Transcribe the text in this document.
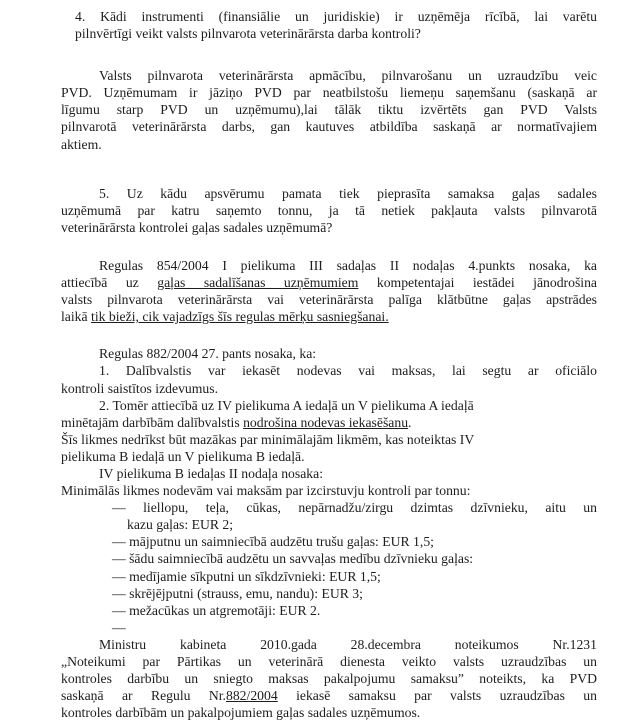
4. Kādi instrumenti (finansiālie un juridiskie) ir uzņēmēja rīcībā, lai varētu
pilnvērtīgi veikt valsts pilnvarota veterinārārsta darba kontroli?
Valsts pilnvarota veterinārārsta apmācību, pilnvarošanu un uzraudzību veic
PVD. Uzņēmumam ir jāziņo PVD par neatbilstošu liemeņu saņemšanu (saskaņā ar
līgumu starp PVD un uzņēmumu),lai tālāk tiktu izvērtēts gan PVD Valsts
pilnvarotā veterinārārsta darbs, gan kautuves atbildība saskaņā ar normatīvajiem
aktiem.
5. Uz kādu apsvērumu pamata tiek pieprasīta samaksa gaļas sadales
uzņēmumā par katru saņemto tonnu, ja tā netiek pakļauta valsts pilnvarotā
veterinārārsta kontrolei gaļas sadales uzņēmumā?
Regulas 854/2004 I pielikuma III sadaļas II nodaļas 4.punkts nosaka, ka
attiecībā uz gaļas sadalīšanas uzņēmumiem kompetentajai iestādei jānodrošina
valsts pilnvarota veterinārārsta vai veterinārārsta palīga klātbūtne gaļas apstrādes
laikā tik bieži, cik vajadzīgs šīs regulas mērķu sasniegšanai.
Regulas 882/2004 27. pants nosaka, ka:
1. Dalībvalstis var iekasēt nodevas vai maksas, lai segtu ar oficiālo
kontroli saistītos izdevumus.
2. Tomēr attiecībā uz IV pielikuma A iedaļā un V pielikuma A iedaļā
minētajām darbībām dalībvalstis nodrošina nodevas iekasēšanu.
Šīs likmes nedrīkst būt mazākas par minimālajām likmēm, kas noteiktas IV
pielikuma B iedaļā un V pielikuma B iedaļā.
IV pielikuma B iedaļas II nodaļa nosaka:
Minimālās likmes nodevām vai maksām par izcirstuvju kontroli par tonnu:
— liellopu, teļa, cūkas, nepārnadžu/zirgu dzimtas dzīvnieku, aitu un
kazu gaļas: EUR 2;
— mājputnu un saimniecībā audzētu trušu gaļas: EUR 1,5;
— šādu saimniecībā audzētu un savvaļas medību dzīvnieku gaļas:
— medījamie sīkputni un sīkdzīvnieki: EUR 1,5;
— skrējējputni (strauss, emu, nandu): EUR 3;
— mežacūkas un atgremotāji: EUR 2.
—
Ministru kabineta 2010.gada 28.decembra noteikumos Nr.1231
„Noteikumi par Pārtikas un veterinārā dienesta veikto valsts uzraudzības un
kontroles darbību un sniegto maksas pakalpojumu samaksu” noteikts, ka PVD
saskaņā ar Regulu Nr.882/2004 iekasē samaksu par valsts uzraudzības un
kontroles darbībām un pakalpojumiem gaļas sadales uzņēmumos.
